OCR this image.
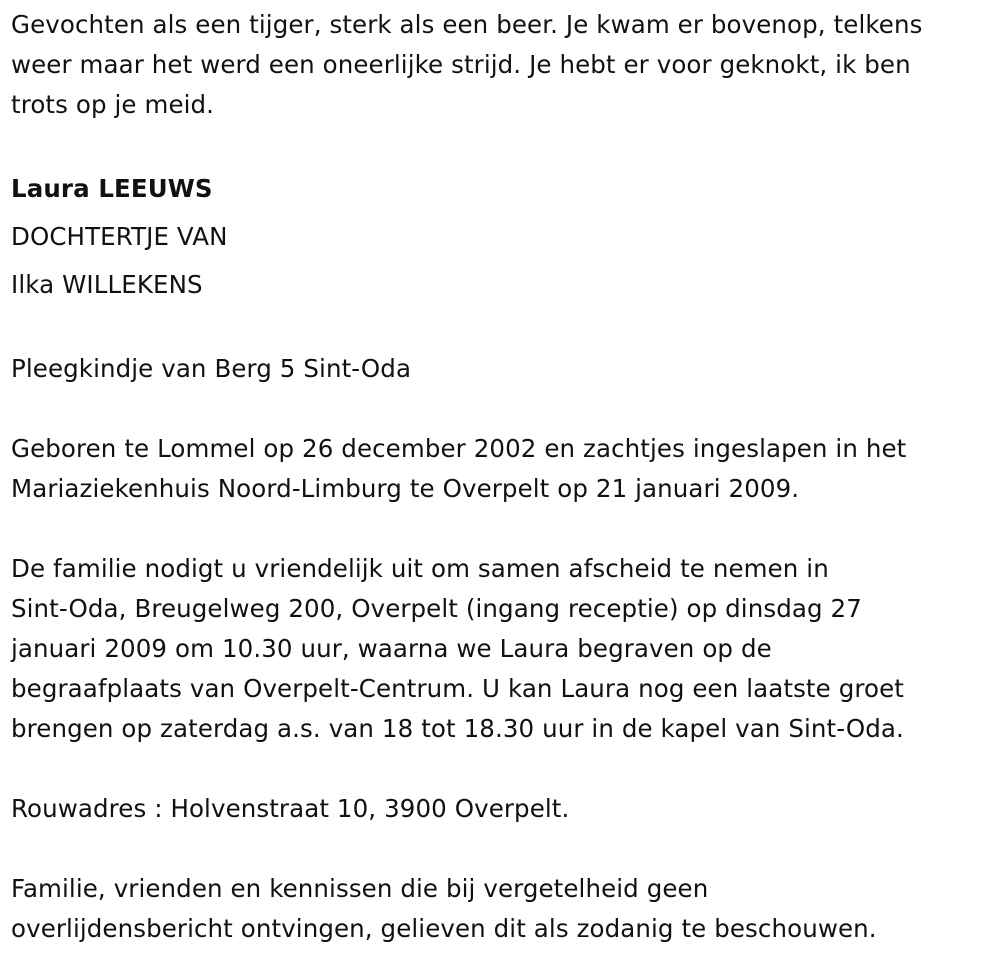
Gevochten als een tijger, sterk als een beer. Je kwam er bovenop, telkens
weer maar het werd een oneerlijke strijd. Je hebt er voor geknokt, ik ben
trots op je meid.
Laura LEEUWS
DOCHTERTJE VAN
Ilka WILLEKENS
Pleegkindje van Berg 5 Sint-Oda
Geboren te Lommel op 26 december 2002 en zachtjes ingeslapen in het
Mariaziekenhuis Noord-Limburg te Overpelt op 21 januari 2009.
De familie nodigt u vriendelijk uit om samen afscheid te nemen in
Sint-Oda, Breugelweg 200, Overpelt (ingang receptie) op dinsdag 27
januari 2009 om 10.30 uur, waarna we Laura begraven op de
begraafplaats van Overpelt-Centrum. U kan Laura nog een laatste groet
brengen op zaterdag a.s. van 18 tot 18.30 uur in de kapel van Sint-Oda.
Rouwadres : Holvenstraat 10, 3900 Overpelt.
Familie, vrienden en kennissen die bij vergetelheid geen
overlijdensbericht ontvingen, gelieven dit als zodanig te beschouwen.
